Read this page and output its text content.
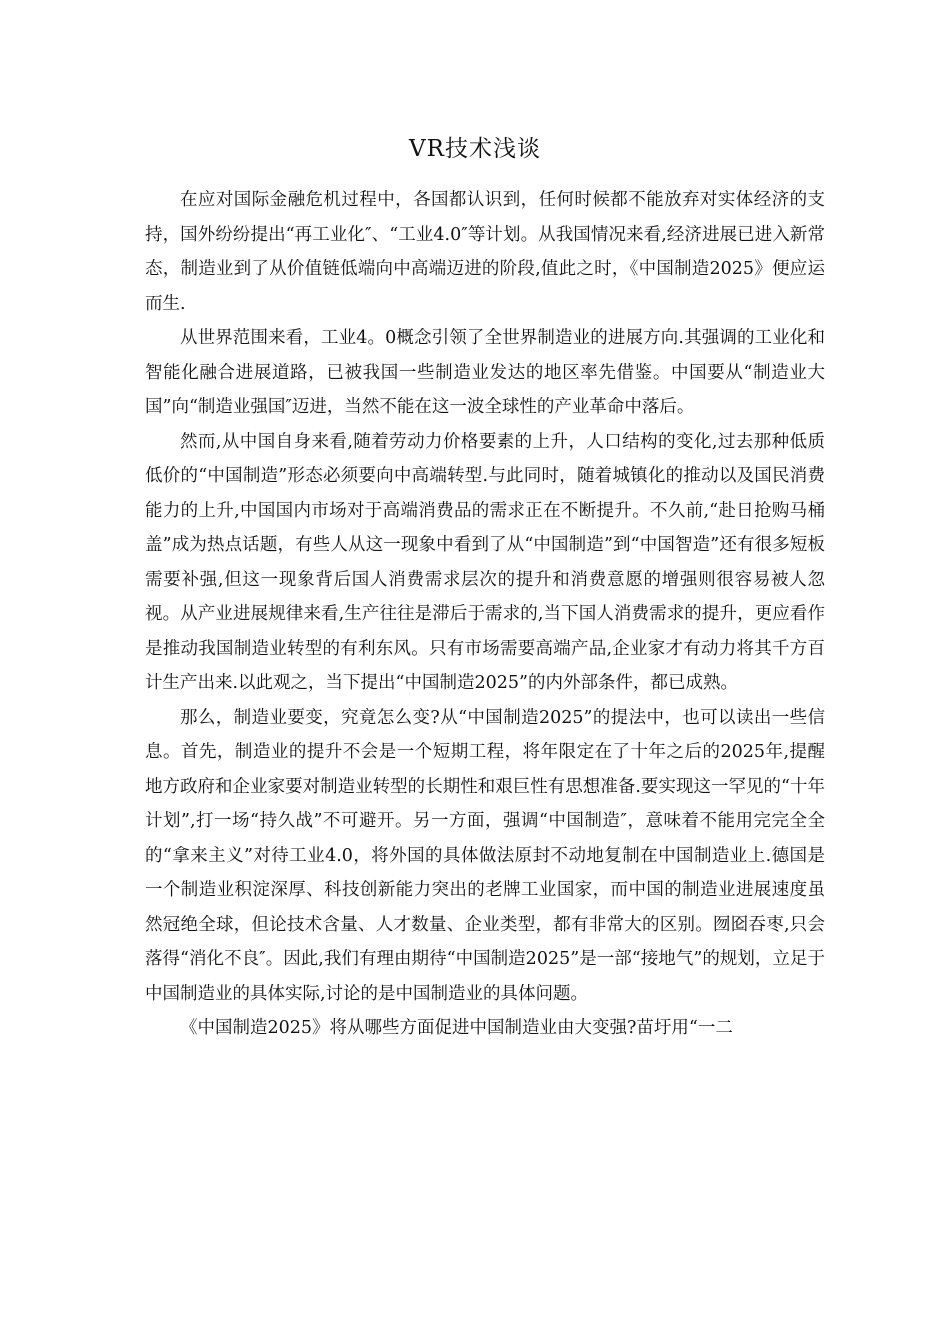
VR技术浅谈

在应对国际金融危机过程中，各国都认识到，任何时候都不能放弃对实体经济的支持，国外纷纷提出“再工业化″、“工业4.0″等计划。从我国情况来看,经济进展已进入新常态，制造业到了从价值链低端向中高端迈进的阶段,值此之时，《中国制造2025》便应运而生.

从世界范围来看，工业4。0概念引领了全世界制造业的进展方向.其强调的工业化和智能化融合进展道路，已被我国一些制造业发达的地区率先借鉴。中国要从“制造业大国”向“制造业强国″迈进，当然不能在这一波全球性的产业革命中落后。

然而,从中国自身来看,随着劳动力价格要素的上升，人口结构的变化,过去那种低质低价的“中国制造”形态必须要向中高端转型.与此同时，随着城镇化的推动以及国民消费能力的上升,中国国内市场对于高端消费品的需求正在不断提升。不久前,“赴日抢购马桶盖”成为热点话题，有些人从这一现象中看到了从“中国制造”到“中国智造”还有很多短板需要补强,但这一现象背后国人消费需求层次的提升和消费意愿的增强则很容易被人忽视。从产业进展规律来看,生产往往是滞后于需求的,当下国人消费需求的提升，更应看作是推动我国制造业转型的有利东风。只有市场需要高端产品,企业家才有动力将其千方百计生产出来.以此观之，当下提出“中国制造2025”的内外部条件，都已成熟。

那么，制造业要变，究竟怎么变?从“中国制造2025”的提法中，也可以读出一些信息。首先，制造业的提升不会是一个短期工程，将年限定在了十年之后的2025年,提醒地方政府和企业家要对制造业转型的长期性和艰巨性有思想准备.要实现这一罕见的“十年计划”,打一场“持久战”不可避开。另一方面，强调“中国制造″，意味着不能用完完全全的“拿来主义”对待工业4.0，将外国的具体做法原封不动地复制在中国制造业上.德国是一个制造业积淀深厚、科技创新能力突出的老牌工业国家，而中国的制造业进展速度虽然冠绝全球，但论技术含量、人才数量、企业类型，都有非常大的区别。囫囵吞枣,只会落得“消化不良″。因此,我们有理由期待“中国制造2025”是一部“接地气”的规划，立足于中国制造业的具体实际,讨论的是中国制造业的具体问题。

《中国制造2025》将从哪些方面促进中国制造业由大变强?苗圩用“一二
